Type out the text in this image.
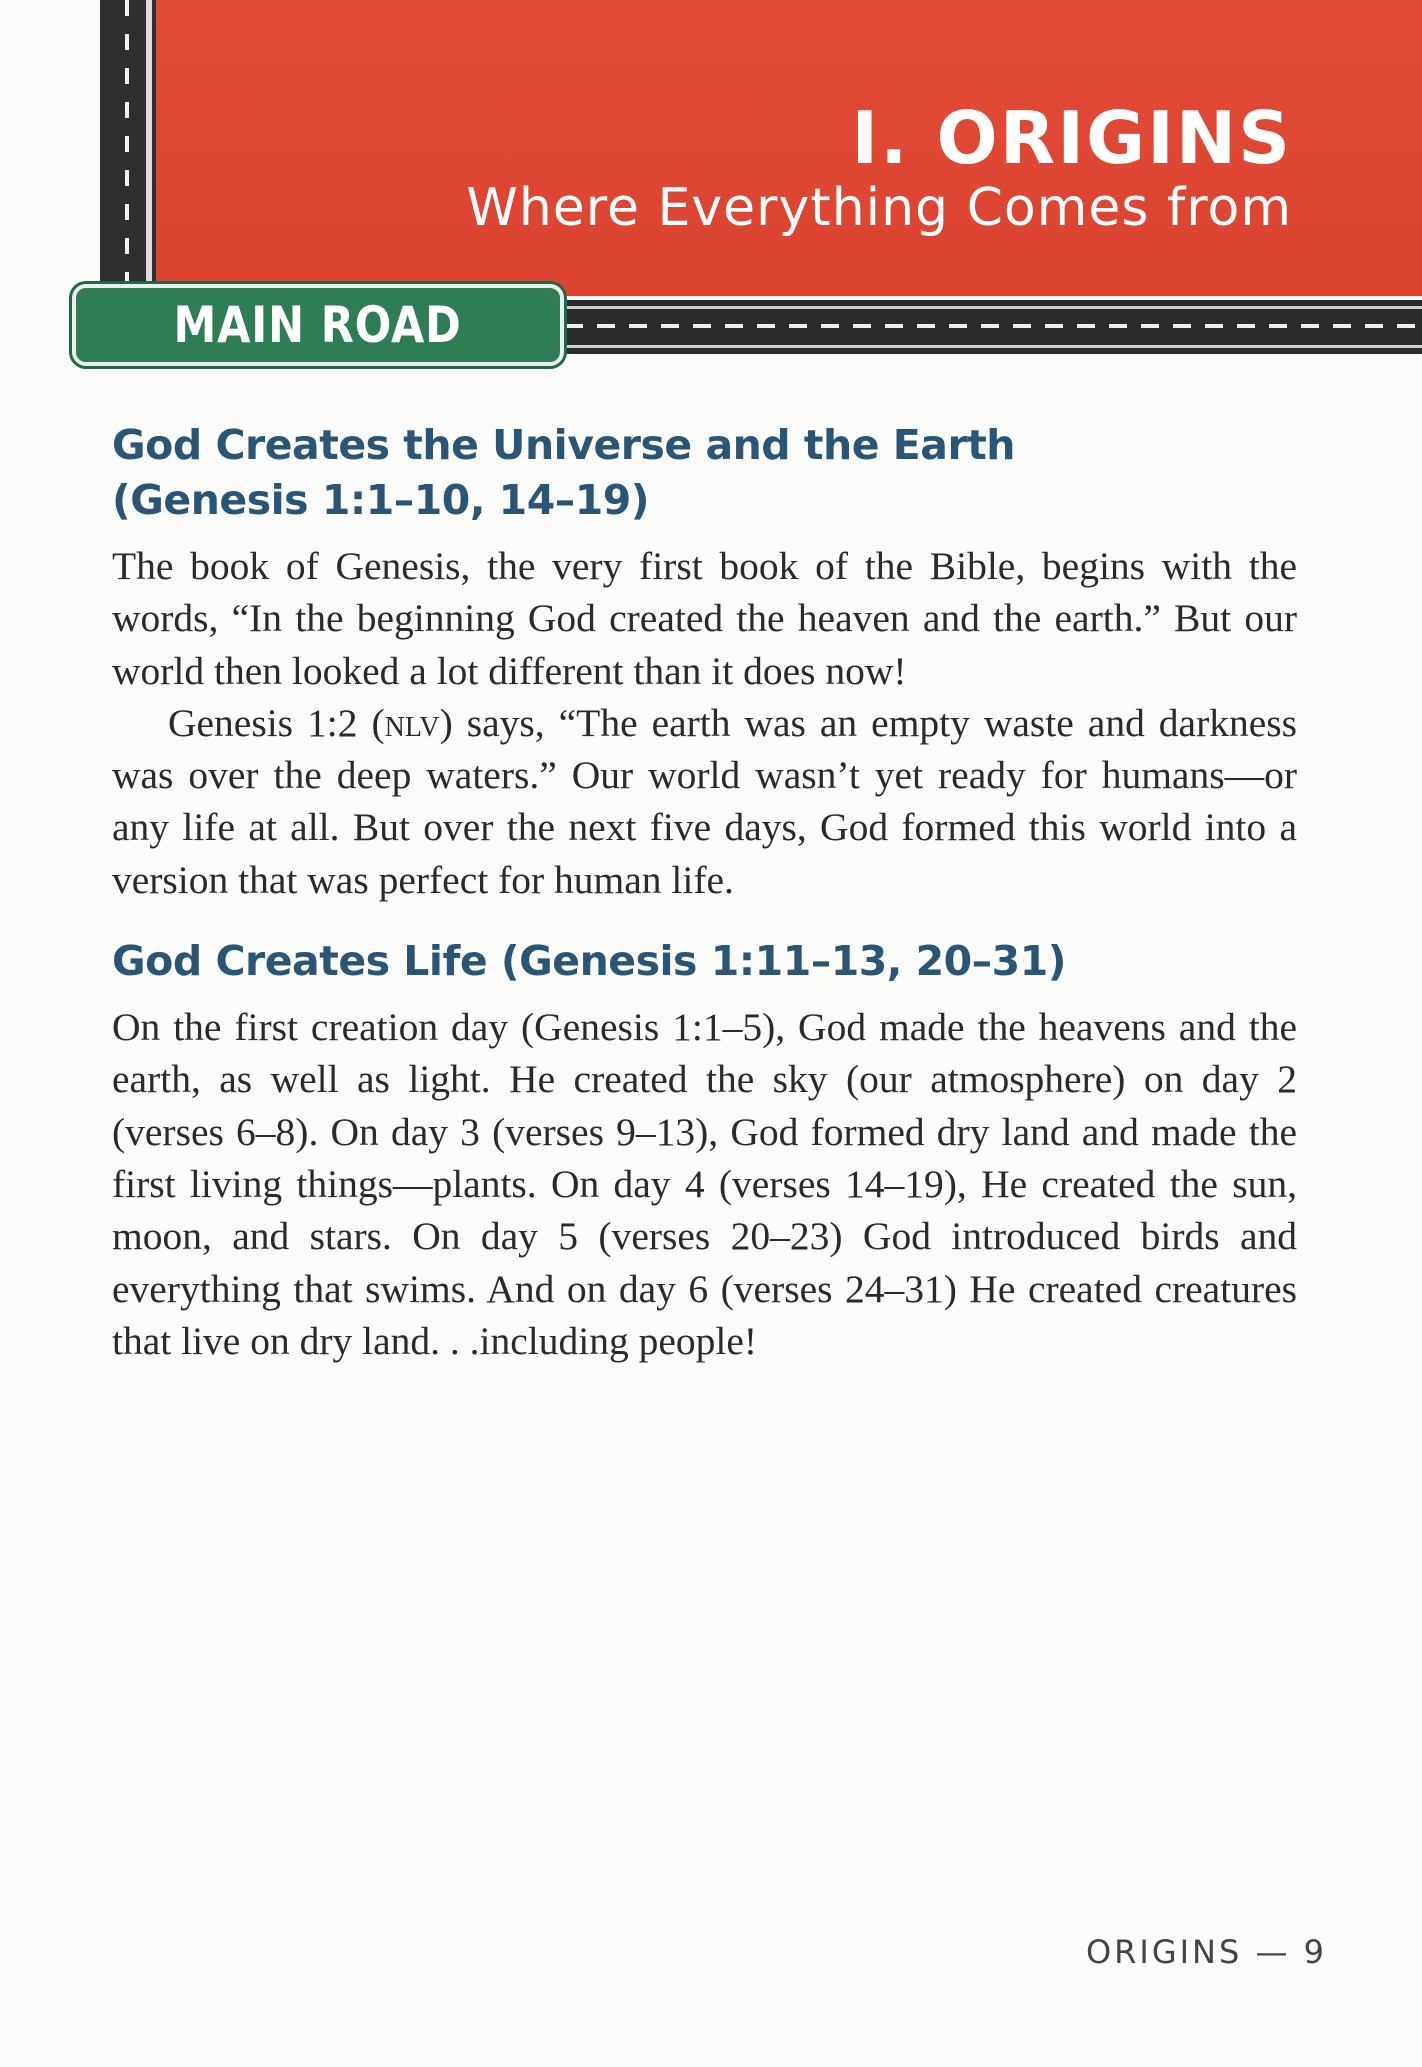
I. ORIGINS
Where Everything Comes from
MAIN ROAD
God Creates the Universe and the Earth
(Genesis 1:1–10, 14–19)

The book of Genesis, the very first book of the Bible, begins with the words, “In the beginning God created the heaven and the earth.” But our world then looked a lot different than it does now!

Genesis 1:2 (nlv) says, “The earth was an empty waste and darkness was over the deep waters.” Our world wasn’t yet ready for humans—or any life at all. But over the next five days, God formed this world into a version that was perfect for human life.

God Creates Life (Genesis 1:11–13, 20–31)

On the first creation day (Genesis 1:1–5), God made the heavens and the earth, as well as light. He created the sky (our atmosphere) on day 2 (verses 6–8). On day 3 (verses 9–13), God formed dry land and made the first living things—plants. On day 4 (verses 14–19), He created the sun, moon, and stars. On day 5 (verses 20–23) God introduced birds and everything that swims. And on day 6 (verses 24–31) He created creatures that live on dry land. . .including people!

ORIGINS — 9
